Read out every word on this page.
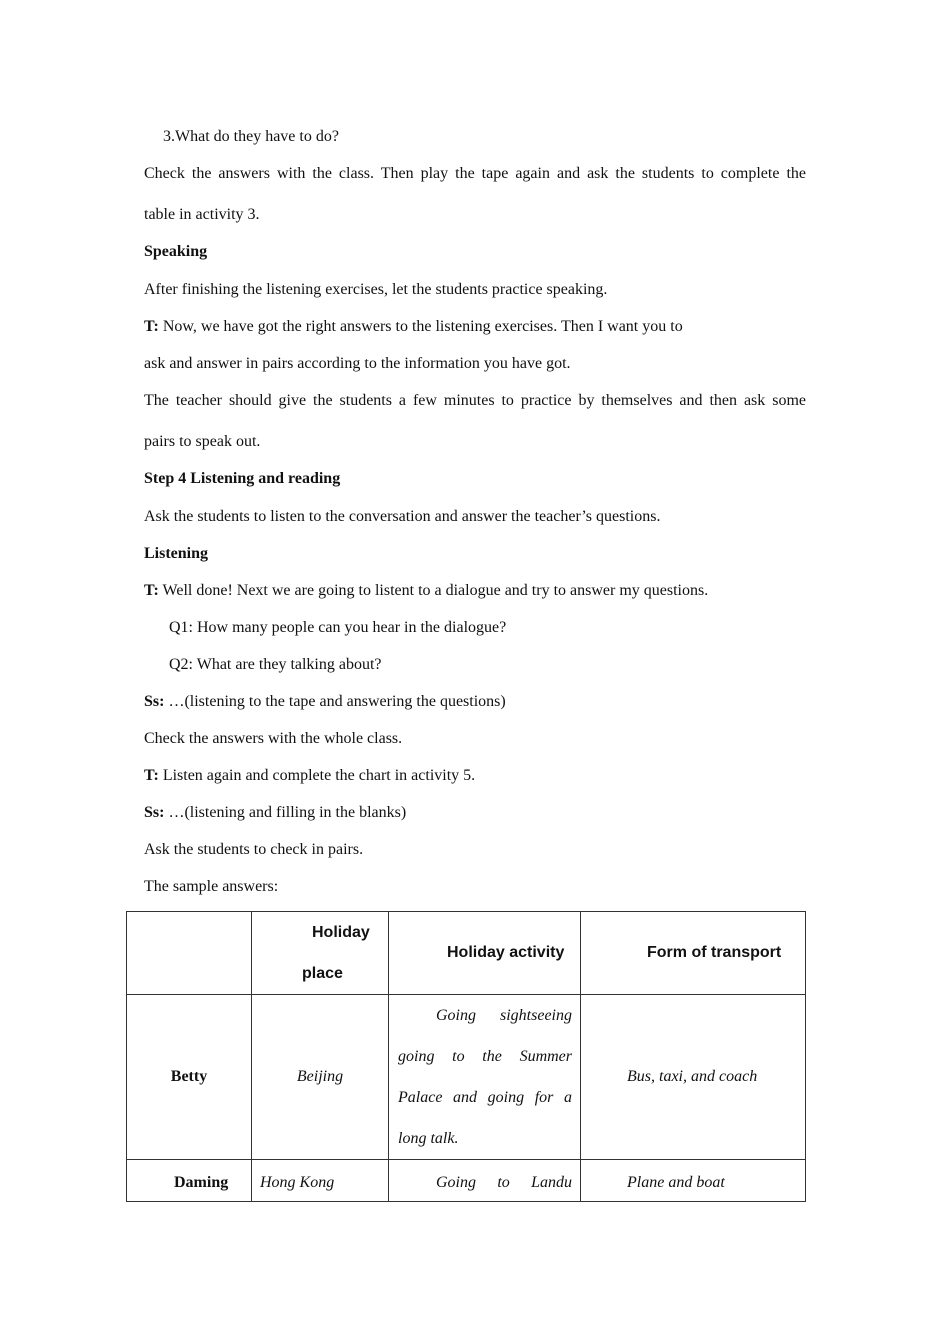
3.What do they have to do?
Check the answers with the class. Then play the tape again and ask the students to complete the
table in activity 3.
Speaking
After finishing the listening exercises, let the students practice speaking.
T: Now, we have got the right answers to the listening exercises. Then I want you to
ask and answer in pairs according to the information you have got.
The teacher should give the students a few minutes to practice by themselves and then ask some
pairs to speak out.
Step 4 Listening and reading
Ask the students to listen to the conversation and answer the teacher’s questions.
Listening
T: Well done! Next we are going to listent to a dialogue and try to answer my questions.
Q1: How many people can you hear in the dialogue?
Q2: What are they talking about?
Ss: …(listening to the tape and answering the questions)
Check the answers with the whole class.
T: Listen again and complete the chart in activity 5.
Ss: …(listening and filling in the blanks)
Ask the students to check in pairs.
The sample answers:

	Holiday
place	Holiday activity	Form of transport
Betty	Beijing	Going sightseeing
going to the Summer
Palace and going for a
long talk.	Bus, taxi, and coach
Daming	Hong Kong	Going to Landu	Plane and boat
